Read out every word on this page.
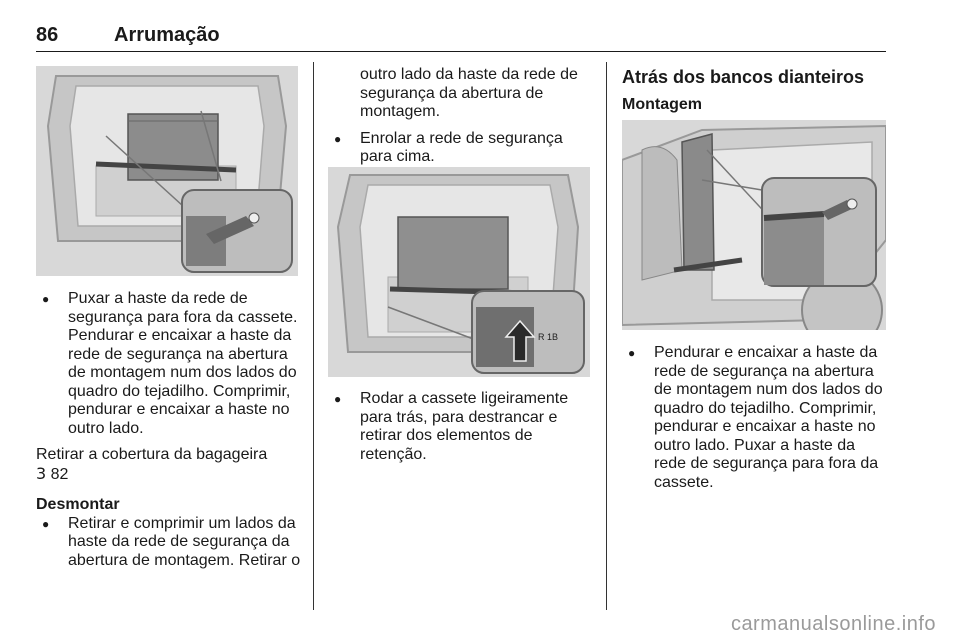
86	Arrumação
● Puxar a haste da rede de segurança para fora da cassete. Pendurar e encaixar a haste da rede de segurança na abertura de montagem num dos lados do quadro do tejadilho. Comprimir, pendurar e encaixar a haste no outro lado.

Retirar a cobertura da bagageira
3 82

Desmontar

● Retirar e comprimir um lados da haste da rede de segurança da abertura de montagem. Retirar o

outro lado da haste da rede de segurança da abertura de montagem.

● Enrolar a rede de segurança para cima.
R 1B
● Rodar a cassete ligeiramente para trás, para destrancar e retirar dos elementos de retenção.

Atrás dos bancos dianteiros

Montagem

● Pendurar e encaixar a haste da rede de segurança na abertura de montagem num dos lados do quadro do tejadilho. Comprimir, pendurar e encaixar a haste no outro lado. Puxar a haste da rede de segurança para fora da cassete.
carmanualsonline.info
